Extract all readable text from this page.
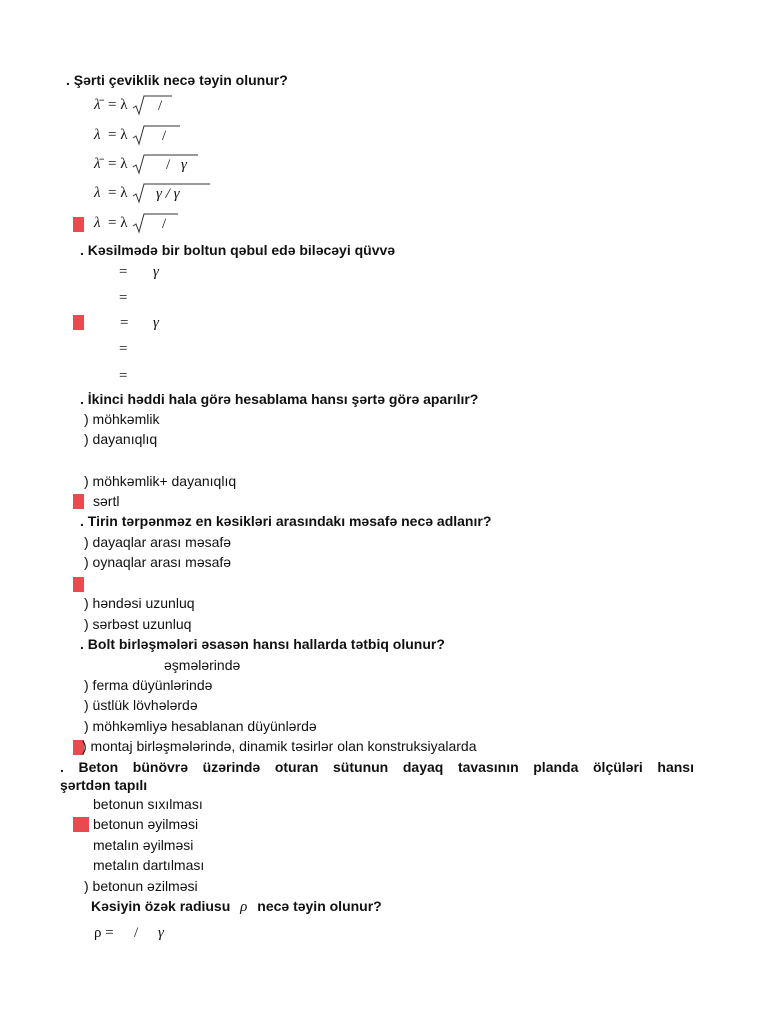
. Şərti çeviklik necə təyin olunur?
λ̄ = λ /
λ = λ /
λ̄ = λ	/ γ
λ = λ γ / γ
λ = λ /
. Kəsilmədə bir boltun qəbul edə biləcəyi qüvvə
= γ
=
= γ
=
=
. İkinci həddi hala görə hesablama hansı şərtə görə aparılır?
) möhkəmlik
) dayanıqlıq
) möhkəmlik+ dayanıqlıq
sərtl
. Tirin tərpənməz en kəsikləri arasındakı məsafə necə adlanır?
) dayaqlar arası məsafə
) oynaqlar arası məsafə
) həndəsi uzunluq
) sərbəst uzunluq
. Bolt birləşmələri əsasən hansı hallarda tətbiq olunur?
əşmələrində
) ferma düyünlərində
) üstlük lövhələrdə
) möhkəmliyə hesablanan düyünlərdə
) montaj birləşmələrində, dinamik təsirlər olan konstruksiyalarda
. Beton bünövrə üzərində oturan sütunun dayaq tavasının planda ölçüləri hansı
şərtdən tapılı
betonun sıxılması
betonun əyilməsi
metalın əyilməsi
metalın dartılması
) betonun əzilməsi
Kəsiyin özək radiusu ρ necə təyin olunur?
ρ = / γ
